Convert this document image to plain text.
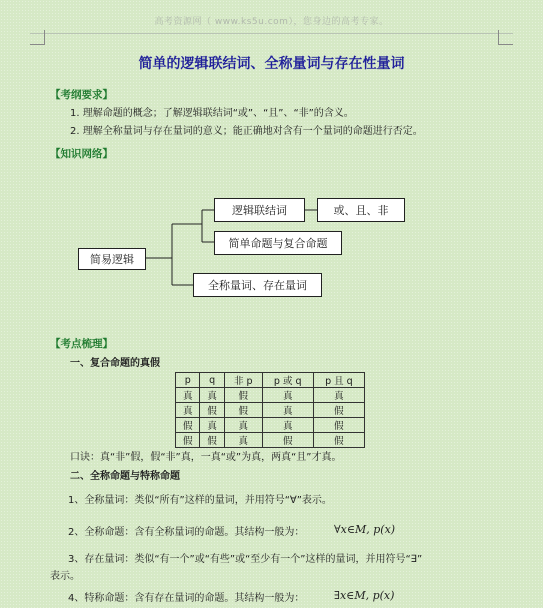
高考资源网（ www.ks5u.com），您身边的高考专家。
简单的逻辑联结词、全称量词与存在性量词
【考纲要求】
1. 理解命题的概念；了解逻辑联结词“或”、“且”、“非”的含义。
2. 理解全称量词与存在量词的意义；能正确地对含有一个量词的命题进行否定。
【知识网络】
简易逻辑
逻辑联结词	或、且、非
简单命题与复合命题
全称量词、存在量词
【考点梳理】
一、复合命题的真假
p	q	非 p	p 或 q	p 且 q
真	真	假	真	真
真	假	假	真	假
假	真	真	真	假
假	假	真	假	假
口诀：真“非”假，假“非”真，一真“或”为真，两真“且”才真。
二、全称命题与特称命题
1、全称量词：类似“所有”这样的量词，并用符号“∀”表示。
2、全称命题：含有全称量词的命题。其结构一般为：	∀x∈M, p(x)
3、存在量词：类似“有一个”或“有些”或“至少有一个”这样的量词，并用符号“∃”
表示。
4、特称命题：含有存在量词的命题。其结构一般为：	∃x∈M, p(x)
